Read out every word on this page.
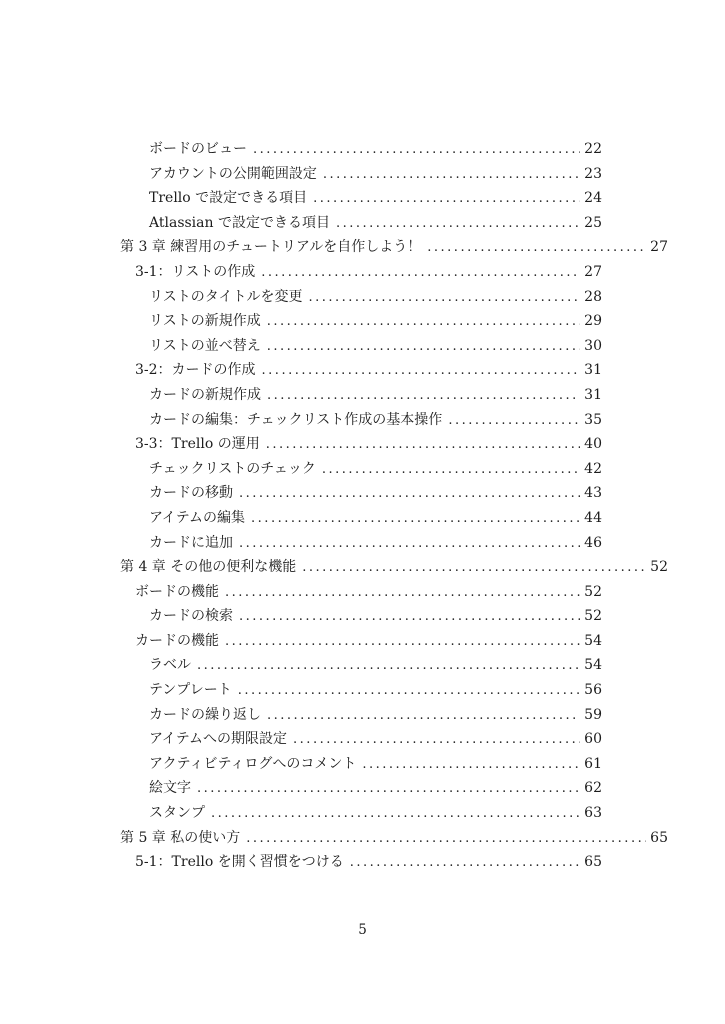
ボードのビュー .....	22
アカウントの公開範囲設定 .....	23
Trello で設定できる項目 .....	24
Atlassian で設定できる項目 .....	25
第 3 章 練習用のチュートリアルを自作しよう！ .....	27
3-1：リストの作成 .....	27
リストのタイトルを変更 .....	28
リストの新規作成 .....	29
リストの並べ替え .....	30
3-2：カードの作成 .....	31
カードの新規作成 .....	31
カードの編集：チェックリスト作成の基本操作 .....	35
3-3：Trello の運用 .....	40
チェックリストのチェック .....	42
カードの移動 .....	43
アイテムの編集 .....	44
カードに追加 .....	46
第 4 章 その他の便利な機能 .....	52
ボードの機能 .....	52
カードの検索 .....	52
カードの機能 .....	54
ラベル .....	54
テンプレート .....	56
カードの繰り返し .....	59
アイテムへの期限設定 .....	60
アクティビティログへのコメント .....	61
絵文字 .....	62
スタンプ .....	63
第 5 章 私の使い方 .....	65
5-1：Trello を開く習慣をつける .....	65
5
